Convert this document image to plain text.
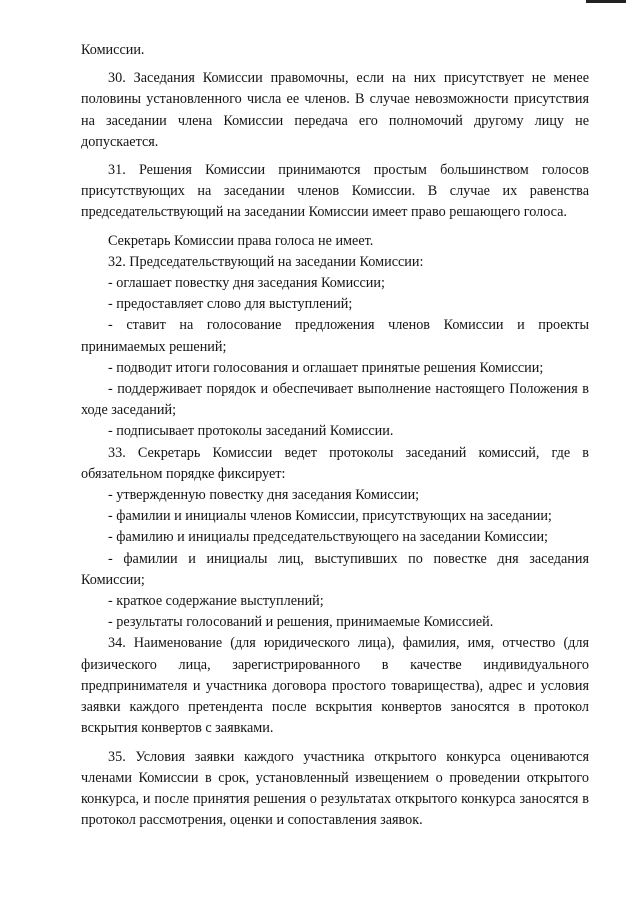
Комиссии.

30. Заседания Комиссии правомочны, если на них присутствует не менее половины установленного числа ее членов. В случае невозможности присутствия на заседании члена Комиссии передача его полномочий другому лицу не допускается.

31. Решения Комиссии принимаются простым большинством голосов присутствующих на заседании членов Комиссии. В случае их равенства председательствующий на заседании Комиссии имеет право решающего голоса.

Секретарь Комиссии права голоса не имеет.

32. Председательствующий на заседании Комиссии:

- оглашает повестку дня заседания Комиссии;

- предоставляет слово для выступлений;

- ставит на голосование предложения членов Комиссии и проекты принимаемых решений;

- подводит итоги голосования и оглашает принятые решения Комиссии;

- поддерживает порядок и обеспечивает выполнение настоящего Положения в ходе заседаний;

- подписывает протоколы заседаний Комиссии.

33. Секретарь Комиссии ведет протоколы заседаний комиссий, где в обязательном порядке фиксирует:

- утвержденную повестку дня заседания Комиссии;

- фамилии и инициалы членов Комиссии, присутствующих на заседании;

- фамилию и инициалы председательствующего на заседании Комиссии;

- фамилии и инициалы лиц, выступивших по повестке дня заседания Комиссии;

- краткое содержание выступлений;

- результаты голосований и решения, принимаемые Комиссией.

34. Наименование (для юридического лица), фамилия, имя, отчество (для физического лица, зарегистрированного в качестве индивидуального предпринимателя и участника договора простого товарищества), адрес и условия заявки каждого претендента после вскрытия конвертов заносятся в протокол вскрытия конвертов с заявками.

35. Условия заявки каждого участника открытого конкурса оцениваются членами Комиссии в срок, установленный извещением о проведении открытого конкурса, и после принятия решения о результатах открытого конкурса заносятся в протокол рассмотрения, оценки и сопоставления заявок.
